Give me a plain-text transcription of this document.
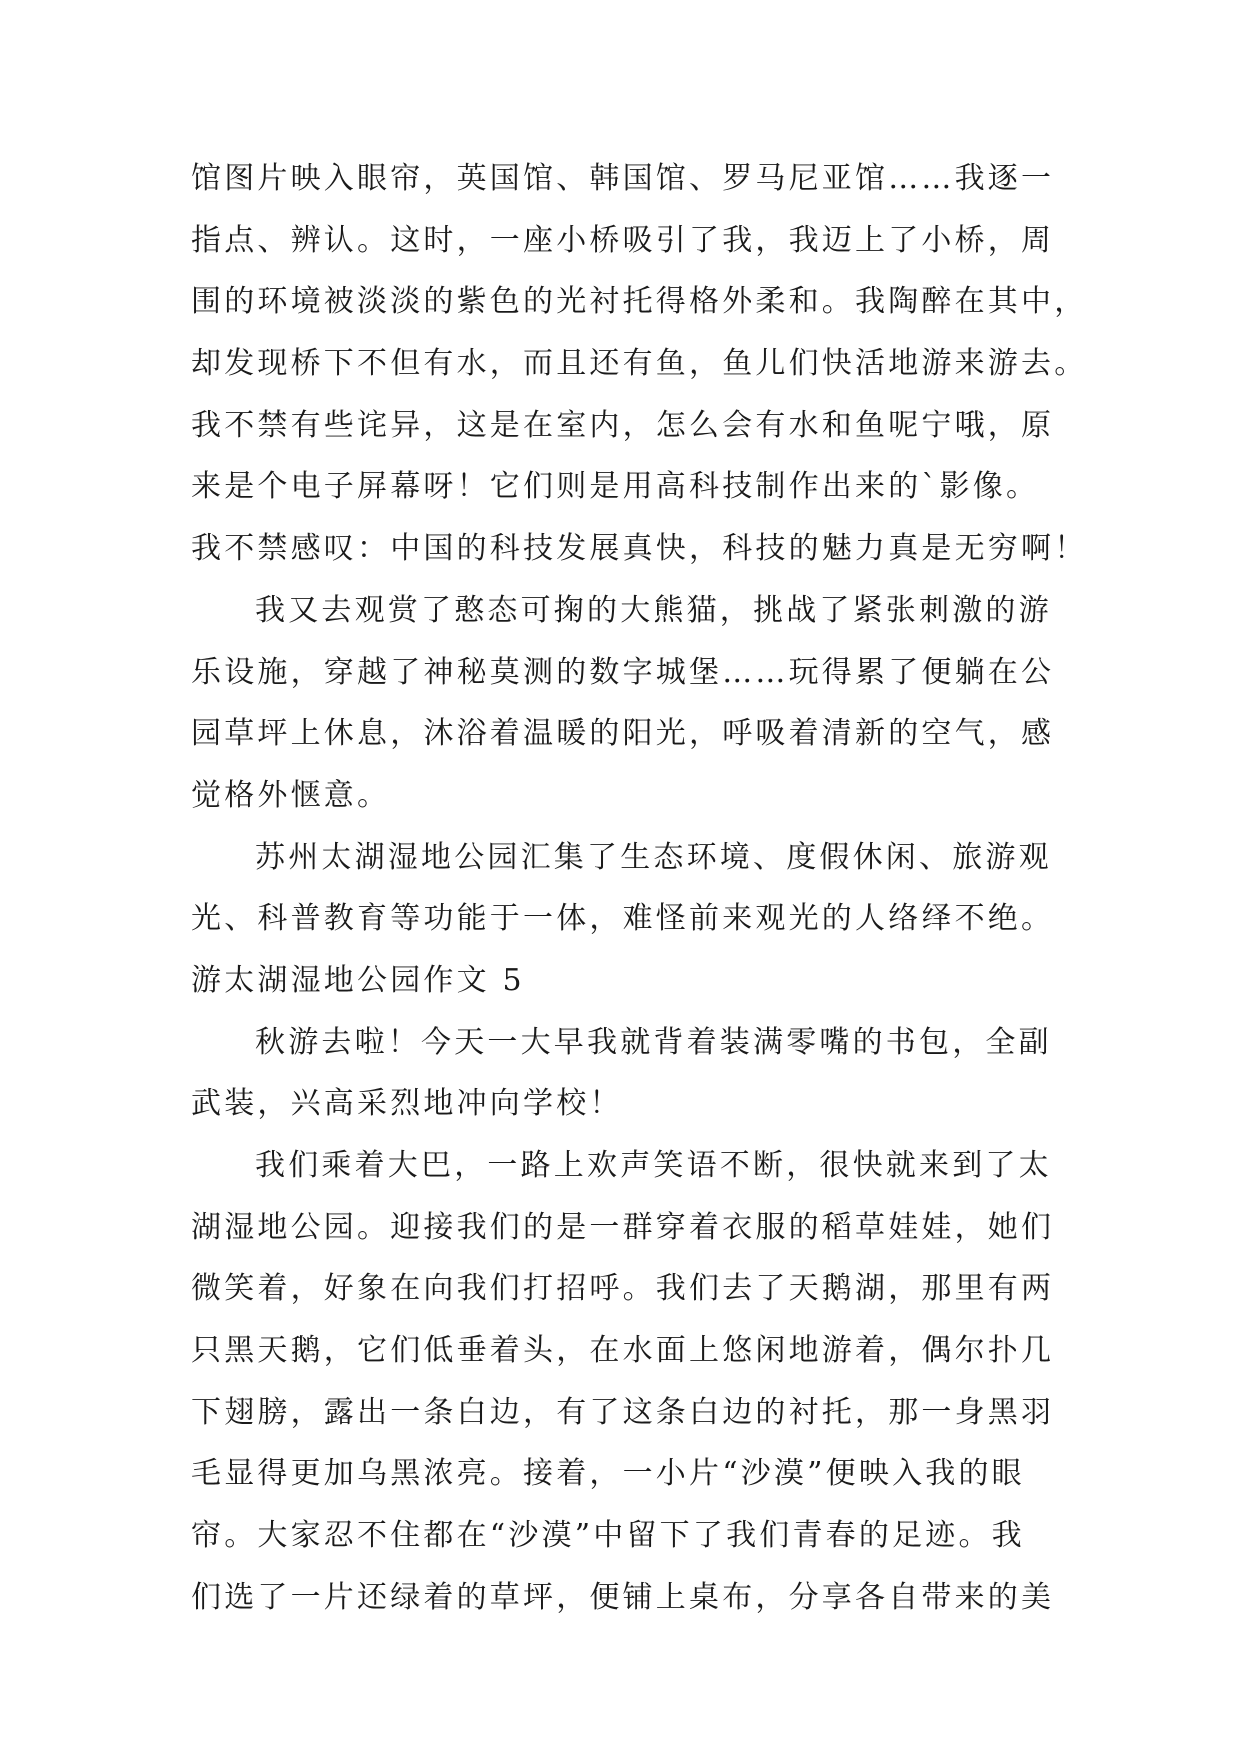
馆图片映入眼帘，英国馆、韩国馆、罗马尼亚馆……我逐一
指点、辨认。这时，一座小桥吸引了我，我迈上了小桥，周
围的环境被淡淡的紫色的光衬托得格外柔和。我陶醉在其中，
却发现桥下不但有水，而且还有鱼，鱼儿们快活地游来游去。
我不禁有些诧异，这是在室内，怎么会有水和鱼呢宁哦，原
来是个电子屏幕呀！它们则是用高科技制作出来的`影像。
我不禁感叹：中国的科技发展真快，科技的魅力真是无穷啊！
我又去观赏了憨态可掬的大熊猫，挑战了紧张刺激的游
乐设施，穿越了神秘莫测的数字城堡……玩得累了便躺在公
园草坪上休息，沐浴着温暖的阳光，呼吸着清新的空气，感
觉格外惬意。
苏州太湖湿地公园汇集了生态环境、度假休闲、旅游观
光、科普教育等功能于一体，难怪前来观光的人络绎不绝。
游太湖湿地公园作文 5
秋游去啦！今天一大早我就背着装满零嘴的书包，全副
武装，兴高采烈地冲向学校！
我们乘着大巴，一路上欢声笑语不断，很快就来到了太
湖湿地公园。迎接我们的是一群穿着衣服的稻草娃娃，她们
微笑着，好象在向我们打招呼。我们去了天鹅湖，那里有两
只黑天鹅，它们低垂着头，在水面上悠闲地游着，偶尔扑几
下翅膀，露出一条白边，有了这条白边的衬托，那一身黑羽
毛显得更加乌黑浓亮。接着，一小片“沙漠”便映入我的眼
帘。大家忍不住都在“沙漠”中留下了我们青春的足迹。我
们选了一片还绿着的草坪，便铺上桌布，分享各自带来的美
